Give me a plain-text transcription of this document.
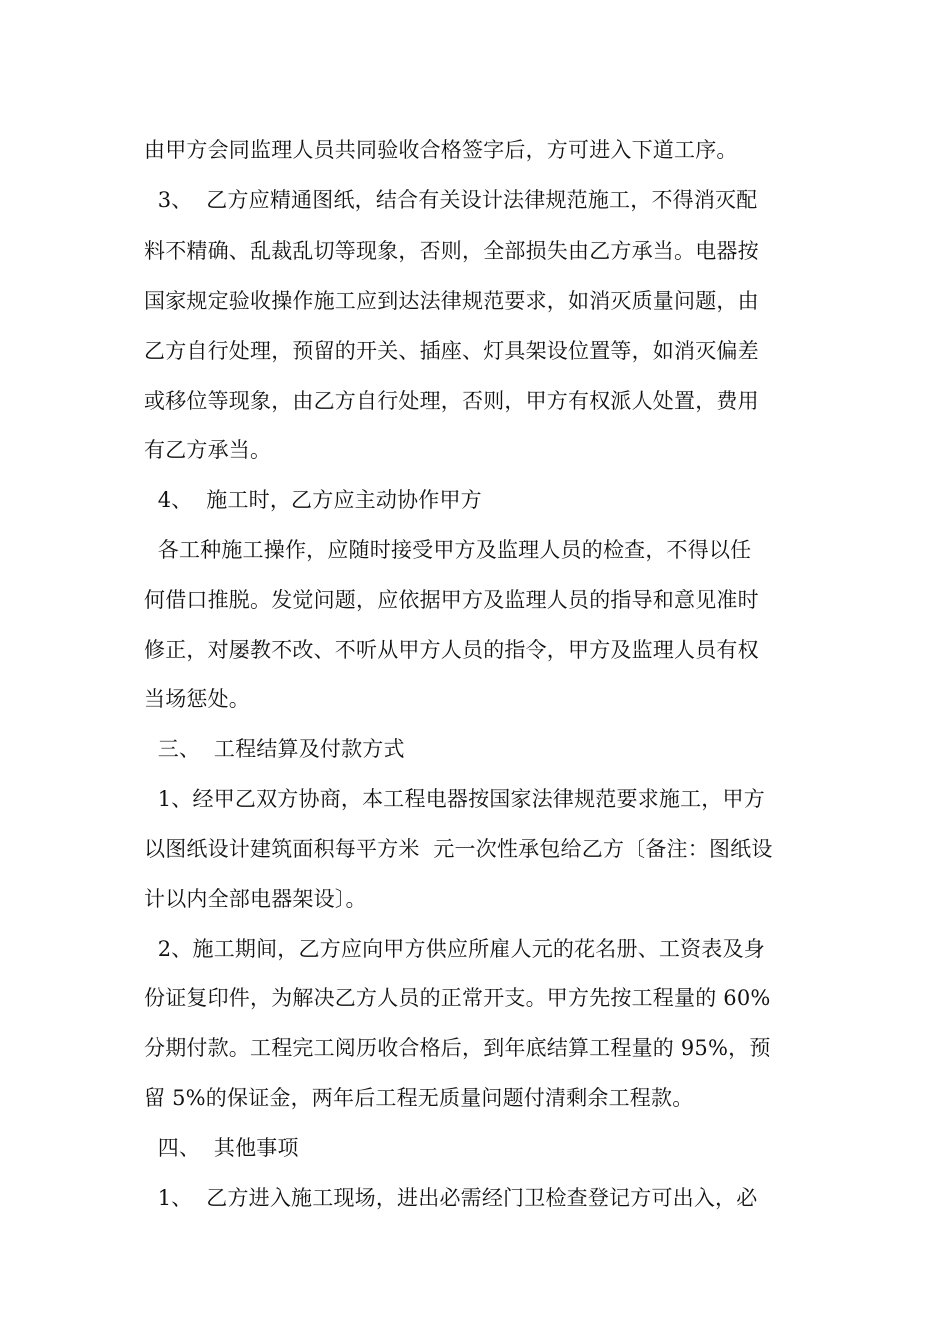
由甲方会同监理人员共同验收合格签字后，方可进入下道工序。
3、  乙方应精通图纸，结合有关设计法律规范施工，不得消灭配
料不精确、乱裁乱切等现象，否则，全部损失由乙方承当。电器按
国家规定验收操作施工应到达法律规范要求，如消灭质量问题，由
乙方自行处理，预留的开关、插座、灯具架设位置等，如消灭偏差
或移位等现象，由乙方自行处理，否则，甲方有权派人处置，费用
有乙方承当。
4、  施工时，乙方应主动协作甲方
各工种施工操作，应随时接受甲方及监理人员的检查，不得以任
何借口推脱。发觉问题，应依据甲方及监理人员的指导和意见准时
修正，对屡教不改、不听从甲方人员的指令，甲方及监理人员有权
当场惩处。
三、  工程结算及付款方式
1、经甲乙双方协商，本工程电器按国家法律规范要求施工，甲方
以图纸设计建筑面积每平方米  元一次性承包给乙方〔备注：图纸设
计以内全部电器架设〕。
2、施工期间，乙方应向甲方供应所雇人元的花名册、工资表及身
份证复印件，为解决乙方人员的正常开支。甲方先按工程量的 60%
分期付款。工程完工阅历收合格后，到年底结算工程量的 95%，预
留 5%的保证金，两年后工程无质量问题付清剩余工程款。
四、  其他事项
1、  乙方进入施工现场，进出必需经门卫检查登记方可出入，必
